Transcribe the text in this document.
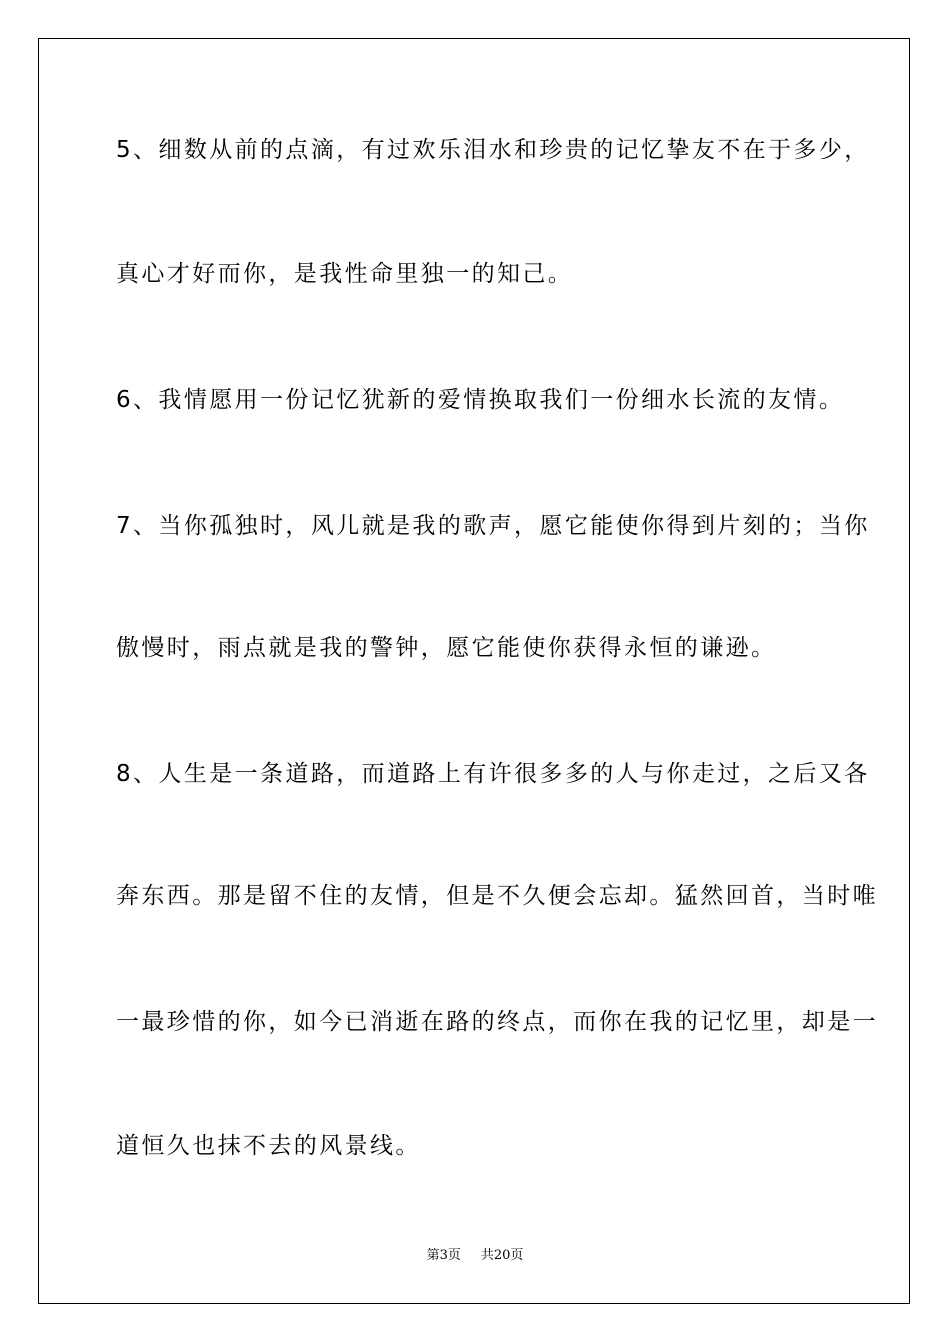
5、细数从前的点滴，有过欢乐泪水和珍贵的记忆挚友不在于多少，
真心才好而你，是我性命里独一的知己。
6、我情愿用一份记忆犹新的爱情换取我们一份细水长流的友情。
7、当你孤独时，风儿就是我的歌声，愿它能使你得到片刻的；当你
傲慢时，雨点就是我的警钟，愿它能使你获得永恒的谦逊。
8、人生是一条道路，而道路上有许很多多的人与你走过，之后又各
奔东西。那是留不住的友情，但是不久便会忘却。猛然回首，当时唯
一最珍惜的你，如今已消逝在路的终点，而你在我的记忆里，却是一
道恒久也抹不去的风景线。
第3页 共20页
